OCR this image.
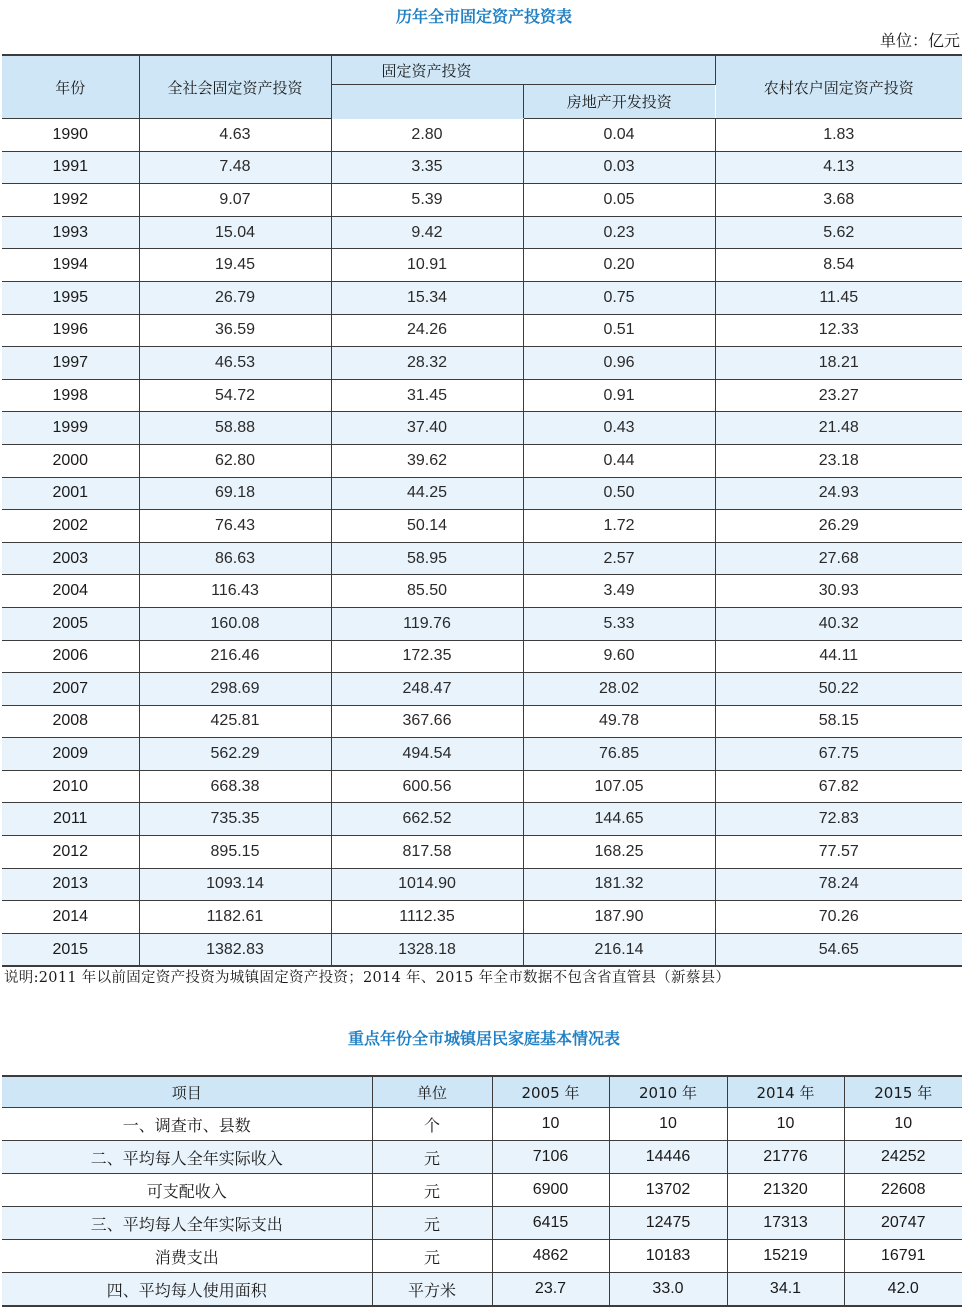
历年全市固定资产投资表
单位：亿元
年份	全社会固定资产投资	固定资产投资		农村农户固定资产投资
			房地产开发投资	
1990	4.63	2.80	0.04	1.83
1991	7.48	3.35	0.03	4.13
1992	9.07	5.39	0.05	3.68
1993	15.04	9.42	0.23	5.62
1994	19.45	10.91	0.20	8.54
1995	26.79	15.34	0.75	11.45
1996	36.59	24.26	0.51	12.33
1997	46.53	28.32	0.96	18.21
1998	54.72	31.45	0.91	23.27
1999	58.88	37.40	0.43	21.48
2000	62.80	39.62	0.44	23.18
2001	69.18	44.25	0.50	24.93
2002	76.43	50.14	1.72	26.29
2003	86.63	58.95	2.57	27.68
2004	116.43	85.50	3.49	30.93
2005	160.08	119.76	5.33	40.32
2006	216.46	172.35	9.60	44.11
2007	298.69	248.47	28.02	50.22
2008	425.81	367.66	49.78	58.15
2009	562.29	494.54	76.85	67.75
2010	668.38	600.56	107.05	67.82
2011	735.35	662.52	144.65	72.83
2012	895.15	817.58	168.25	77.57
2013	1093.14	1014.90	181.32	78.24
2014	1182.61	1112.35	187.90	70.26
2015	1382.83	1328.18	216.14	54.65
说明:2011 年以前固定资产投资为城镇固定资产投资；2014 年、2015 年全市数据不包含省直管县（新蔡县）
重点年份全市城镇居民家庭基本情况表
项目	单位	2005 年	2010 年	2014 年	2015 年
一、调查市、县数	个	10	10	10	10
二、平均每人全年实际收入	元	7106	14446	21776	24252
可支配收入	元	6900	13702	21320	22608
三、平均每人全年实际支出	元	6415	12475	17313	20747
消费支出	元	4862	10183	15219	16791
四、平均每人使用面积	平方米	23.7	33.0	34.1	42.0
